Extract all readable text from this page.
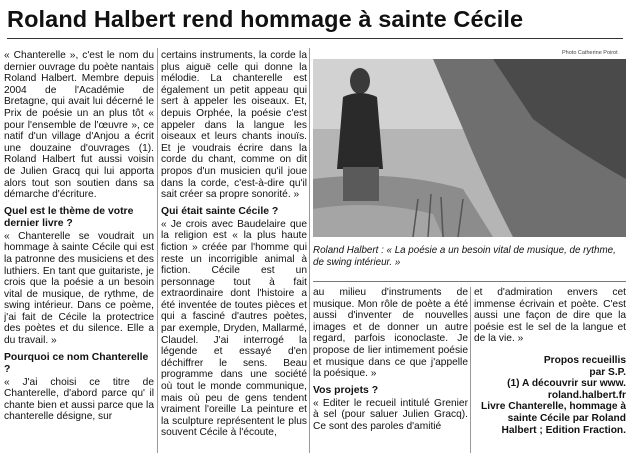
Roland Halbert rend hommage à sainte Cécile

« Chanterelle », c'est le nom du dernier ouvrage du poète nantais Roland Halbert. Membre depuis 2004 de l'Académie de Bretagne, qui avait lui décerné le Prix de poésie un an plus tôt « pour l'ensemble de l'œuvre », ce natif d'un village d'Anjou a écrit une douzaine d'ouvrages (1). Roland Halbert fut aussi voisin de Julien Gracq qui lui apporta alors tout son soutien dans sa démarche d'écriture.

Quel est le thème de votre dernier livre ?

« Chanterelle se voudrait un hommage à sainte Cécile qui est la patronne des musiciens et des luthiers. En tant que guitariste, je crois que la poésie a un besoin vital de musique, de rythme, de swing intérieur. Dans ce poème, j'ai fait de Cécile la protectrice des poètes et du silence. Elle a du travail. »

Pourquoi ce nom Chanterelle ?

« J'ai choisi ce titre de Chanterelle, d'abord parce qu' il chante bien et aussi parce que la chanterelle désigne, sur

certains instruments, la corde la plus aiguë celle qui donne la mélodie. La chanterelle est également un petit appeau qui sert à appeler les oiseaux. Et, depuis Orphée, la poésie c'est appeler dans la langue les oiseaux et leurs chants inouïs. Et je voudrais écrire dans la corde du chant, comme on dit propos d'un musicien qu'il joue dans la corde, c'est-à-dire qu'il sait créer sa propre sonorité. »

Qui était sainte Cécile ?

« Je crois avec Baudelaire que la religion est « la plus haute fiction » créée par l'homme qui reste un incorrigible animal à fiction. Cécile est un personnage tout à fait extraordinaire dont l'histoire a été inventée de toutes pièces et qui a fasciné d'autres poètes, par exemple, Dryden, Mallarmé, Claudel. J'ai interrogé la légende et essayé d'en déchiffrer le sens. Beau programme dans une société où tout le monde communique, mais où peu de gens tendent vraiment l'oreille La peinture et la sculpture représentent le plus souvent Cécile à l'écoute,

Photo Catherine Poirot
Roland Halbert : « La poésie a un besoin vital de musique, de rythme, de swing intérieur. »

au milieu d'instruments de musique. Mon rôle de poète a été aussi d'inventer de nouvelles images et de donner un autre regard, parfois iconoclaste. Je propose de lier intimement poésie et musique dans ce que j'appelle la poésique. »

Vos projets ?

« Editer le recueil intitulé Grenier à sel (pour saluer Julien Gracq). Ce sont des paroles d'amitié

et d'admiration envers cet immense écrivain et poète. C'est aussi une façon de dire que la poésie est le sel de la langue et de la vie. »

Propos recueillis

par S.P.

(1) A découvrir sur www. roland.halbert.fr

Livre Chanterelle, hommage à sainte Cécile par Roland Halbert ; Edition Fraction.
